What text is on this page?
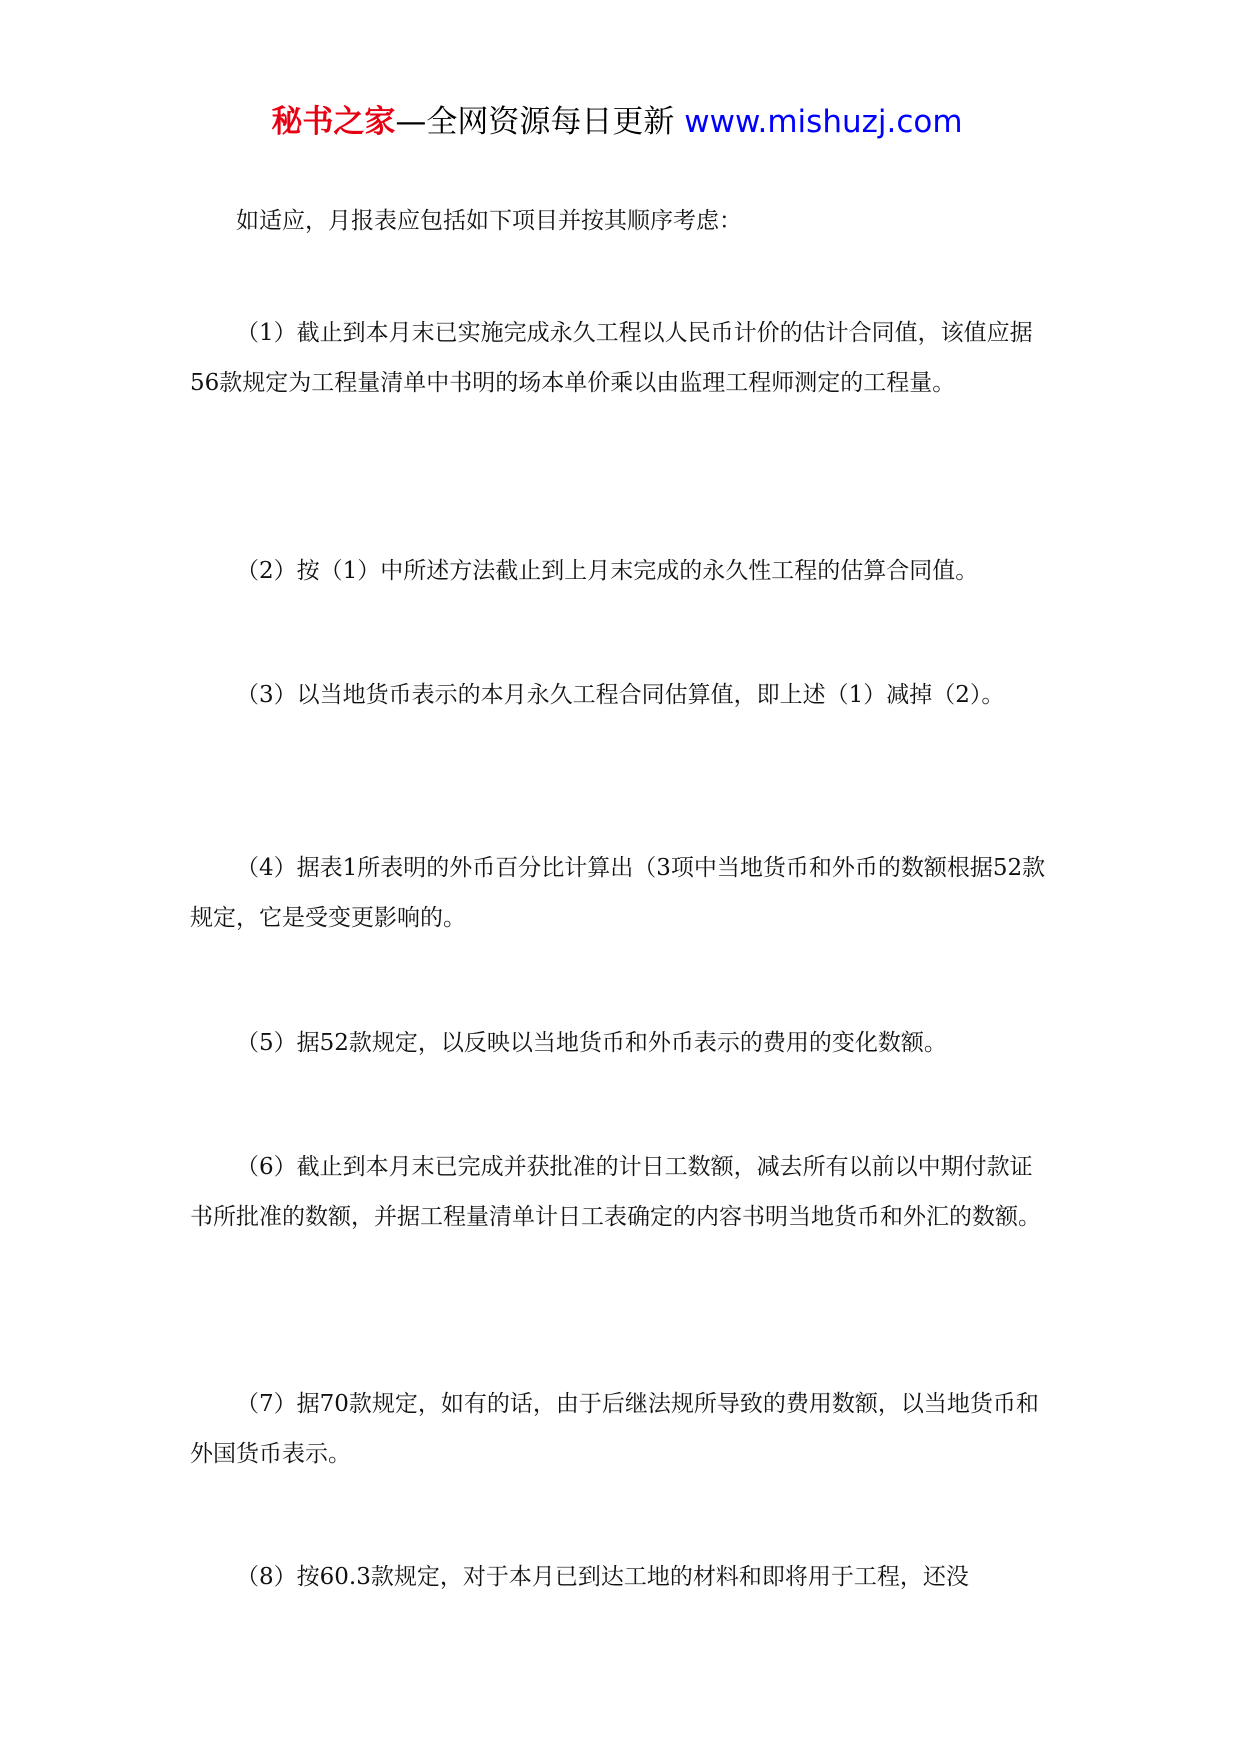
秘书之家—全网资源每日更新 www.mishuzj.com

如适应，月报表应包括如下项目并按其顺序考虑：

（1）截止到本月末已实施完成永久工程以人民币计价的估计合同值，该值应据56款规定为工程量清单中书明的场本单价乘以由监理工程师测定的工程量。

（2）按（1）中所述方法截止到上月末完成的永久性工程的估算合同值。

（3）以当地货币表示的本月永久工程合同估算值，即上述（1）减掉（2）。

（4）据表1所表明的外币百分比计算出（3项中当地货币和外币的数额根据52款规定，它是受变更影响的。

（5）据52款规定，以反映以当地货币和外币表示的费用的变化数额。

（6）截止到本月末已完成并获批准的计日工数额，减去所有以前以中期付款证书所批准的数额，并据工程量清单计日工表确定的内容书明当地货币和外汇的数额。

（7）据70款规定，如有的话，由于后继法规所导致的费用数额，以当地货币和外国货币表示。

（8）按60.3款规定，对于本月已到达工地的材料和即将用于工程，还没
